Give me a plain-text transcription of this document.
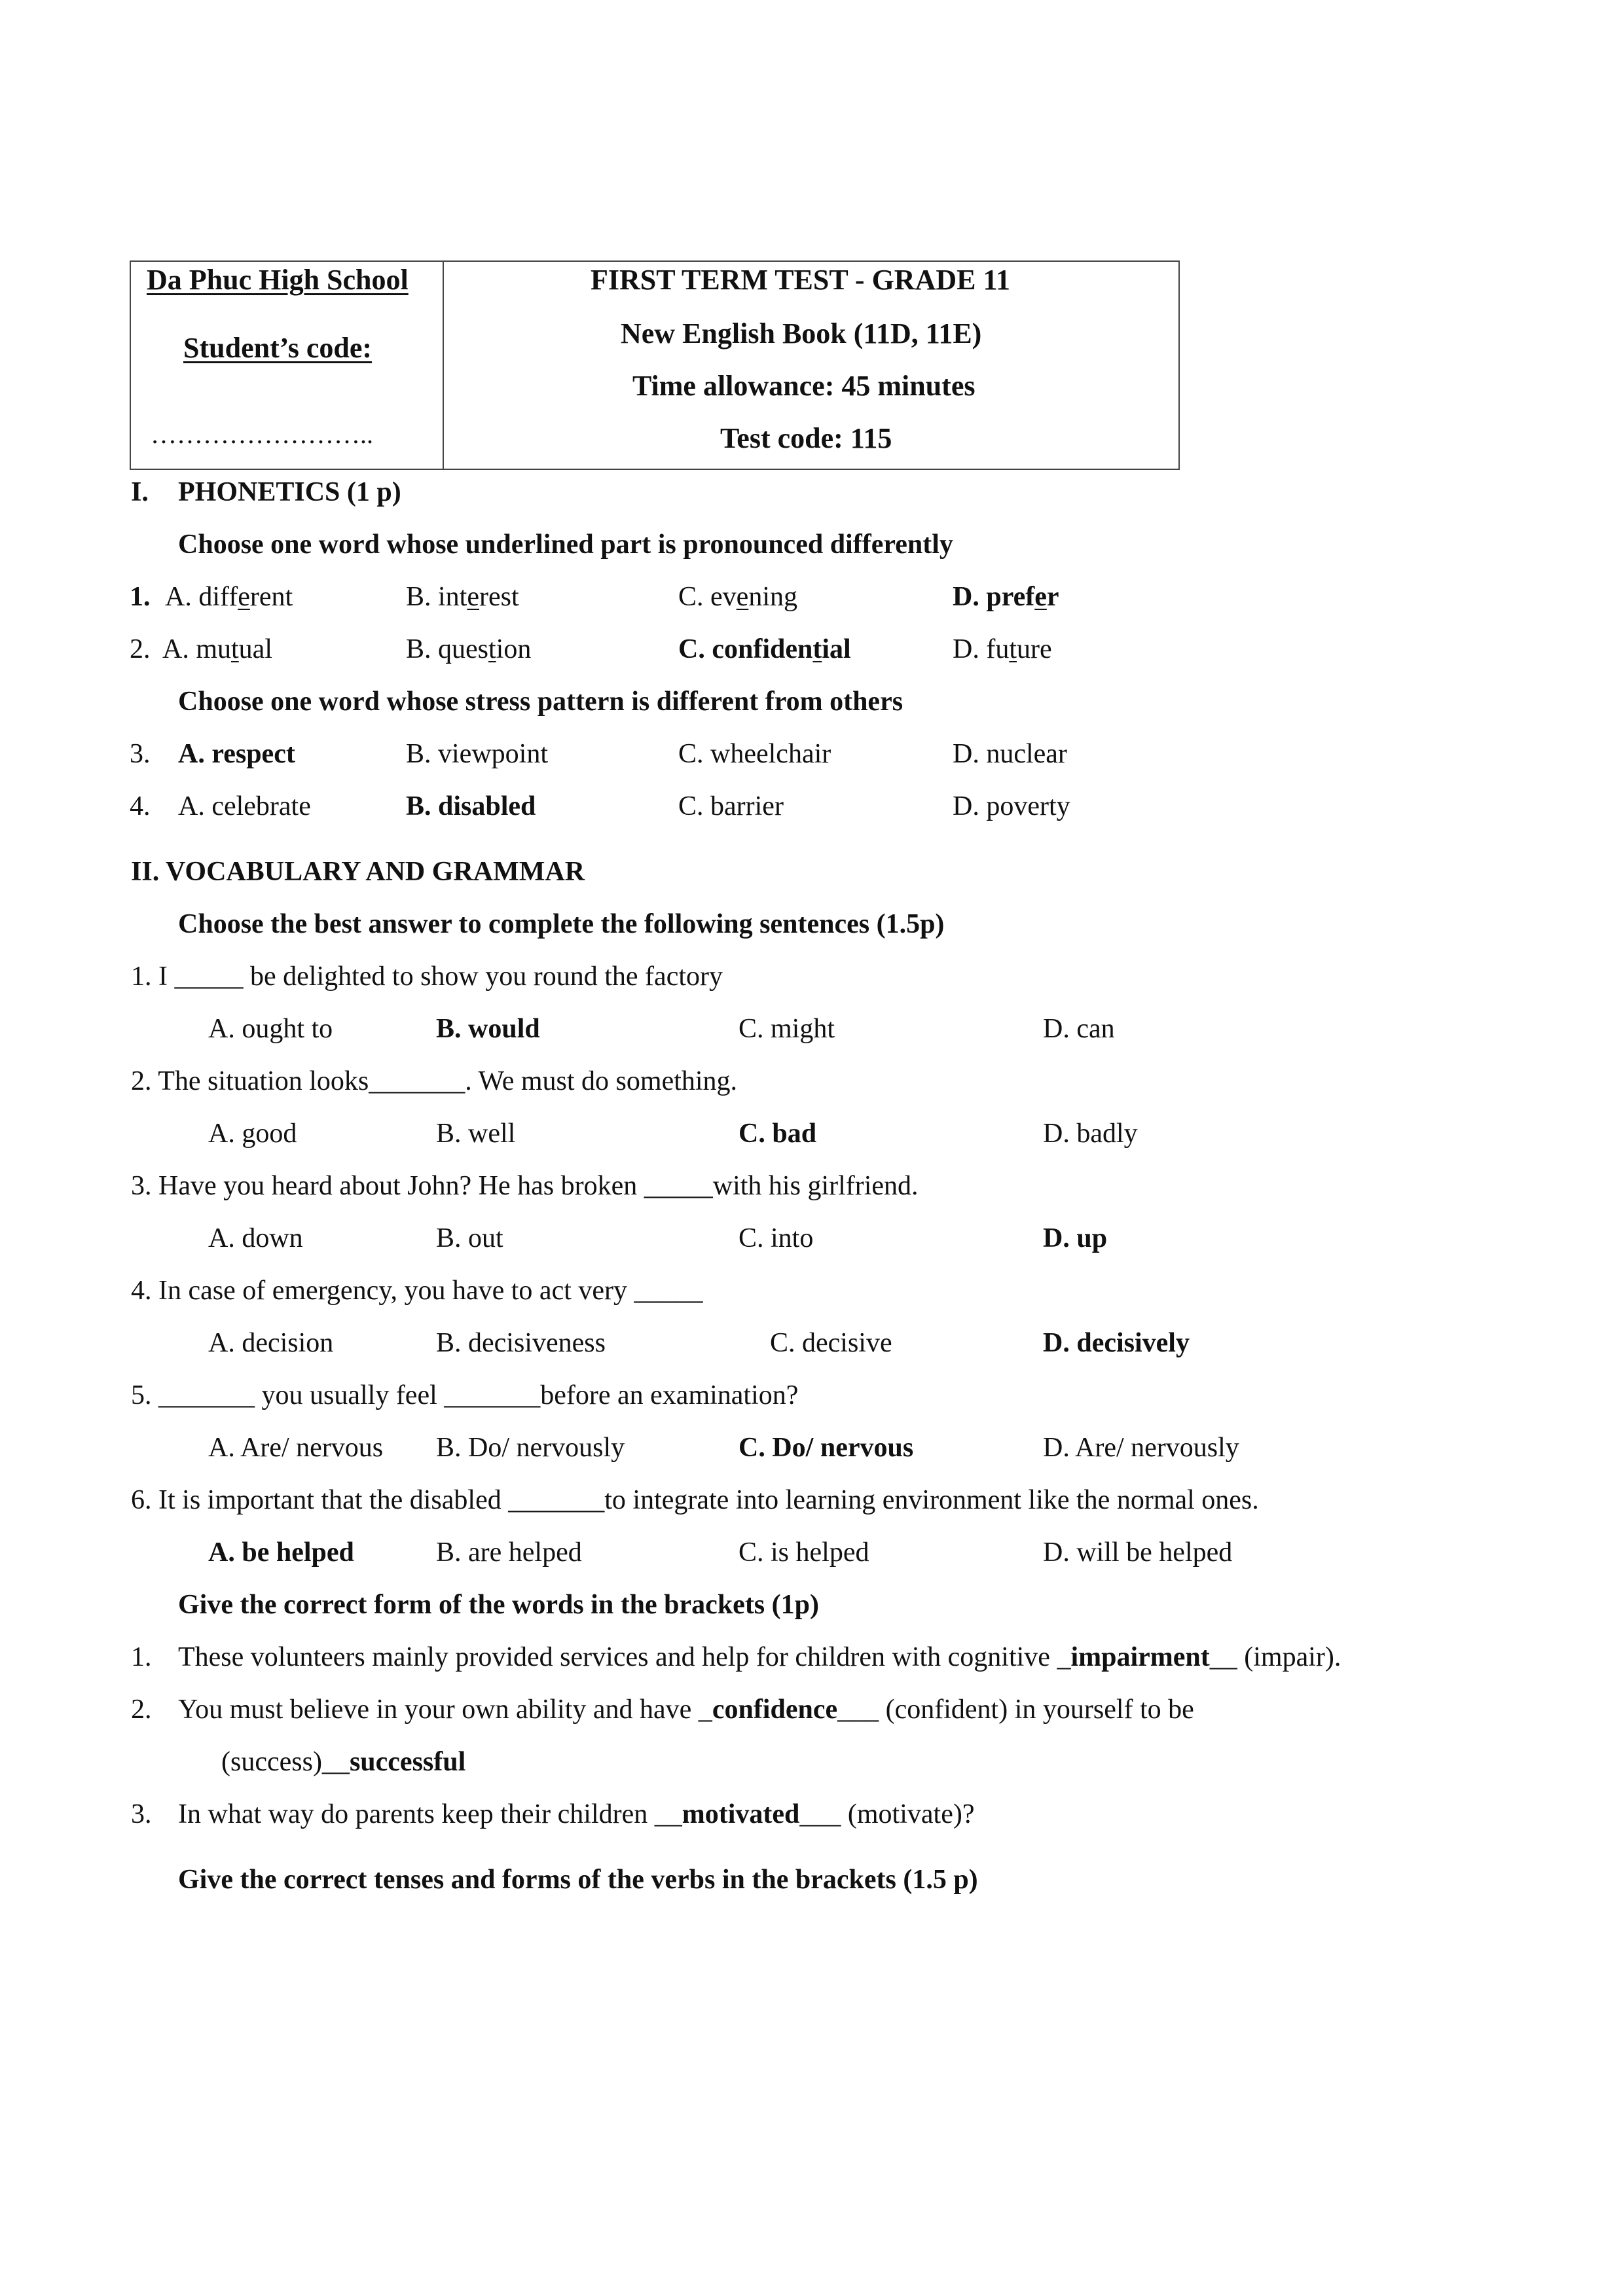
Da Phuc High School
Student’s code:
……………………..
FIRST TERM TEST - GRADE 11
New English Book (11D, 11E)
Time allowance: 45 minutes
Test code: 115
I. PHONETICS (1 p)
Choose one word whose underlined part is pronounced differently
1. A. different	B. interest	C. evening	D. prefer
2. A. mutual	B. question	C. confidential	D. future
Choose one word whose stress pattern is different from others
3. A. respect	B. viewpoint	C. wheelchair	D. nuclear
4. A. celebrate	B. disabled	C. barrier	D. poverty
II. VOCABULARY AND GRAMMAR
Choose the best answer to complete the following sentences (1.5p)
1. I _____ be delighted to show you round the factory
A. ought to	B. would	C. might	D. can
2. The situation looks_______. We must do something.
A. good	B. well	C. bad	D. badly
3. Have you heard about John? He has broken _____with his girlfriend.
A. down	B. out	C. into	D. up
4. In case of emergency, you have to act very _____
A. decision	B. decisiveness	C. decisive	D. decisively
5. _______ you usually feel _______before an examination?
A. Are/ nervous B. Do/ nervously	C. Do/ nervous	D. Are/ nervously
6. It is important that the disabled _______to integrate into learning environment like the normal ones.
A. be helped	B. are helped	C. is helped	D. will be helped
Give the correct form of the words in the brackets (1p)
1. These volunteers mainly provided services and help for children with cognitive _impairment__ (impair).
2. You must believe in your own ability and have _confidence___ (confident) in yourself to be
(success)__successful
3. In what way do parents keep their children __motivated___ (motivate)?
Give the correct tenses and forms of the verbs in the brackets (1.5 p)
